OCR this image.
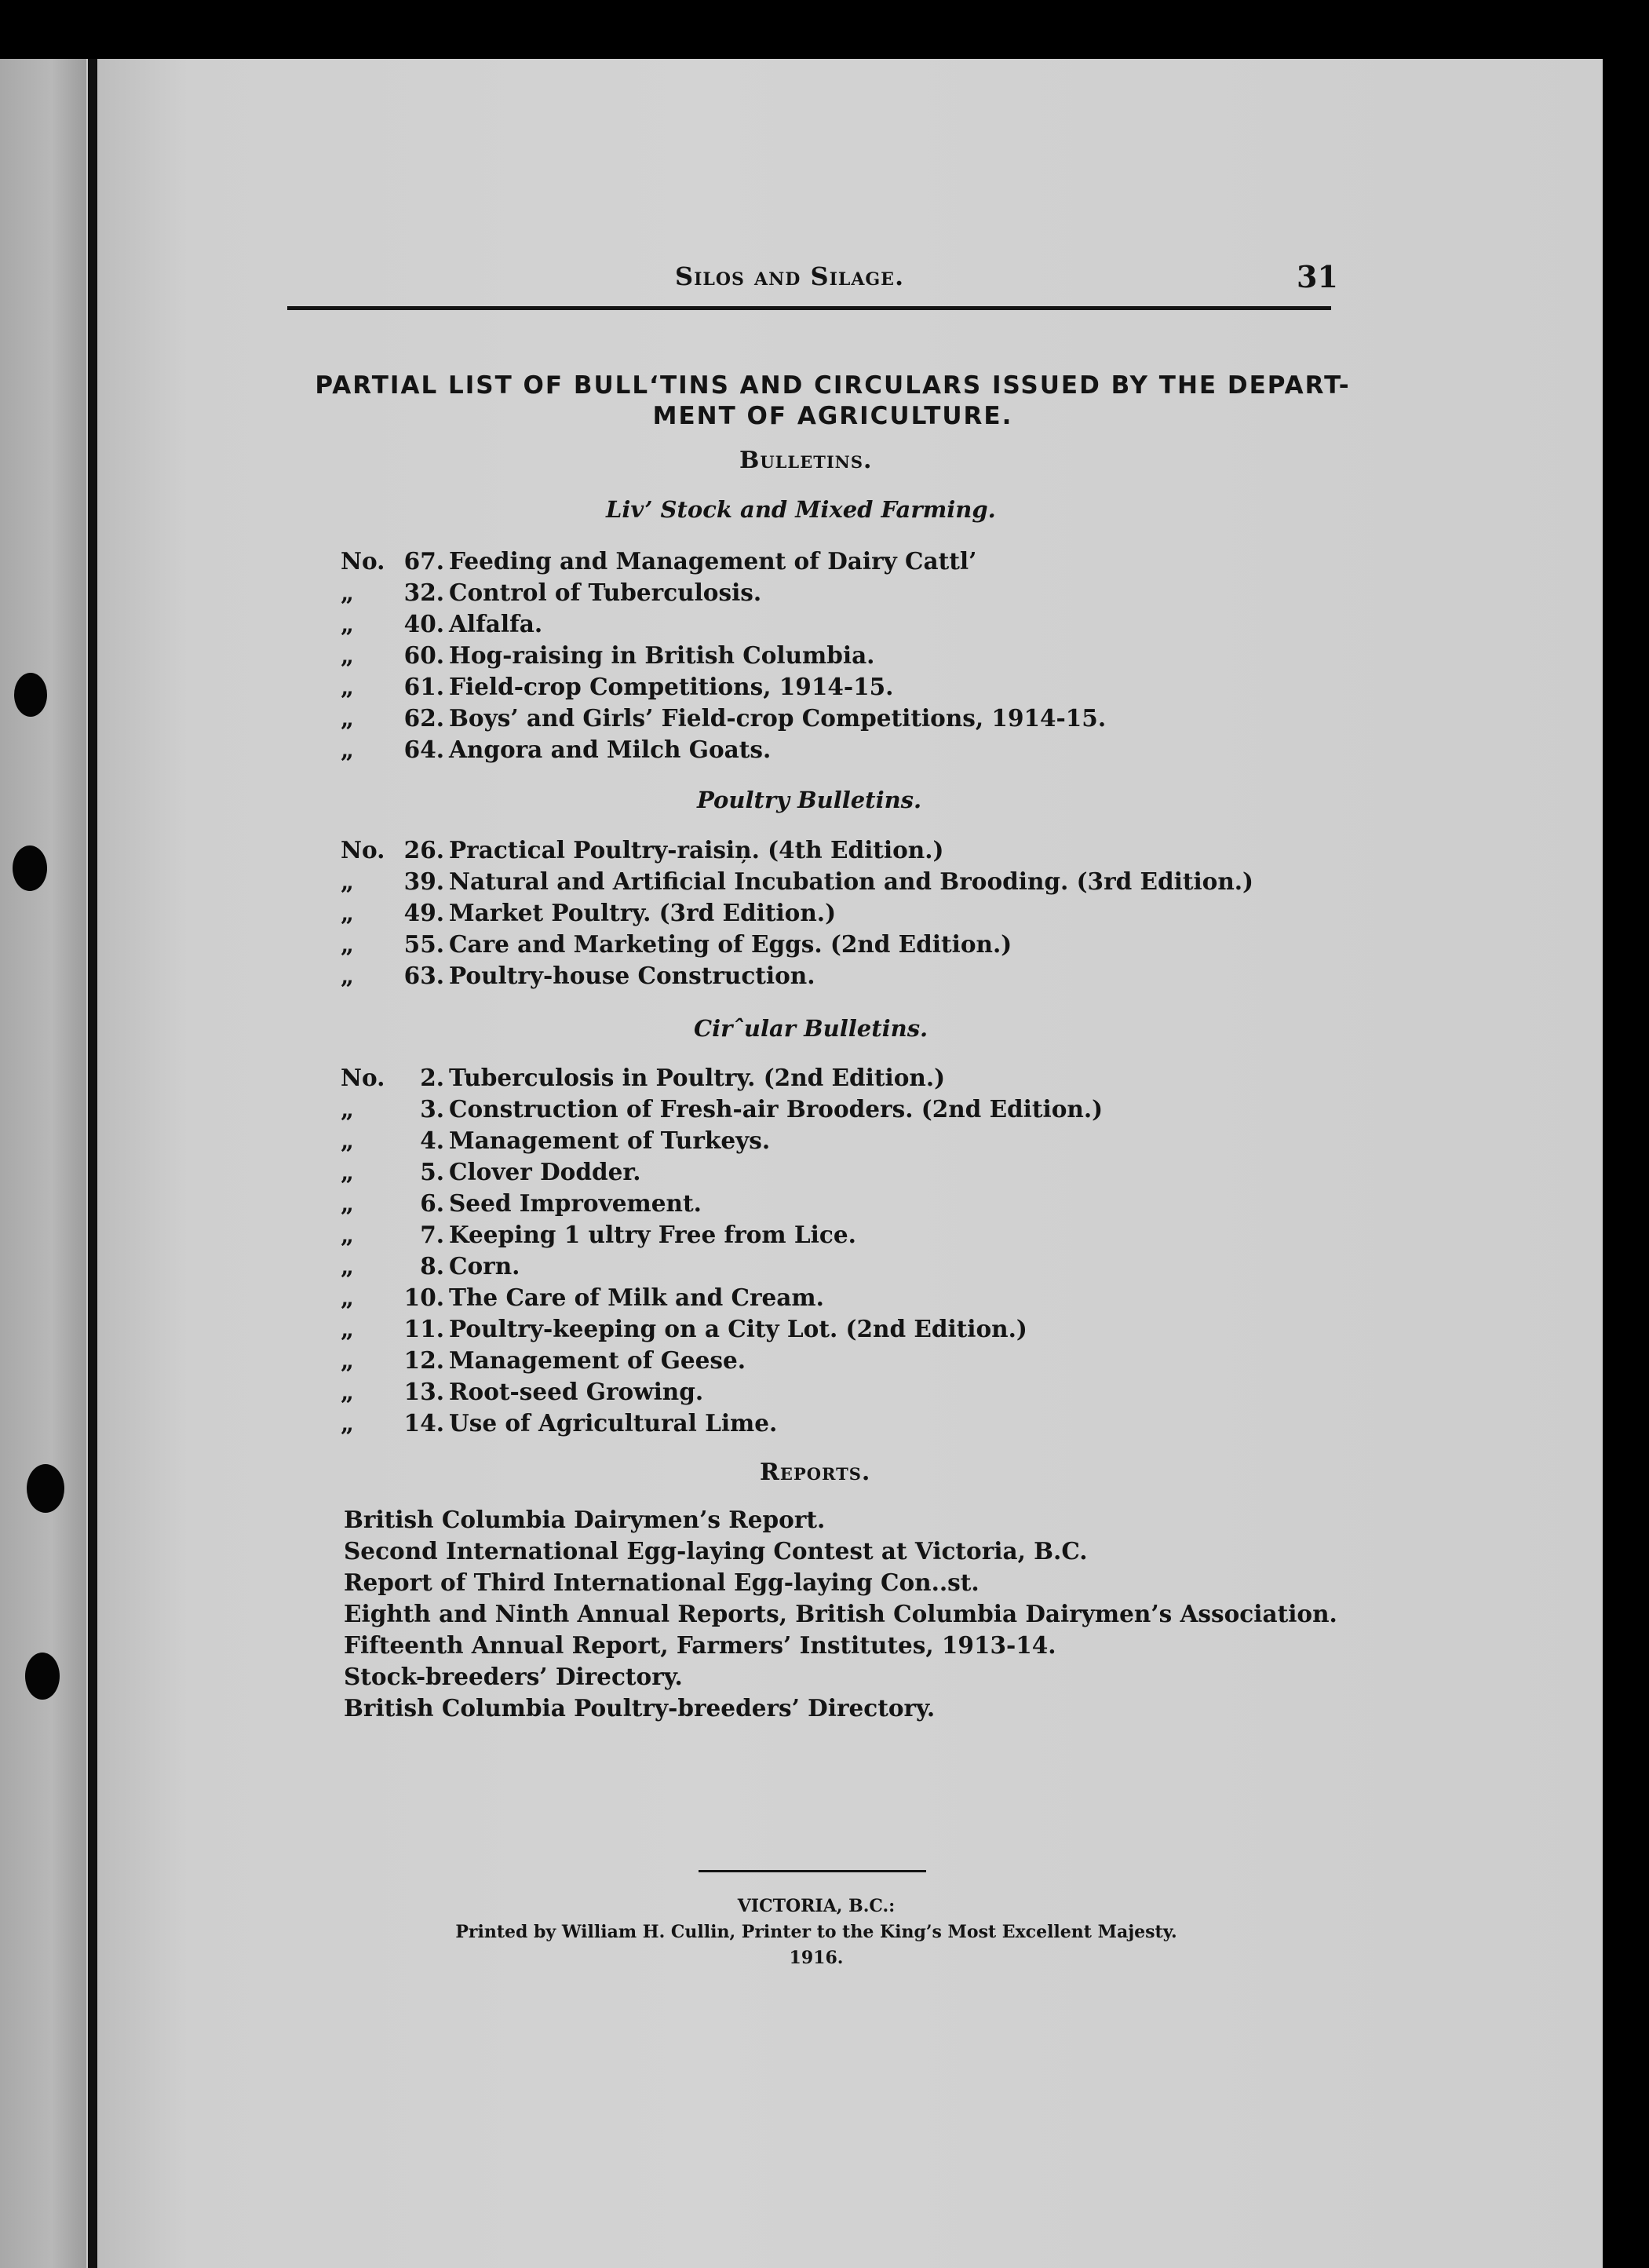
Silos and Silage.	31
PARTIAL LIST OF BULL‘TINS AND CIRCULARS ISSUED BY THE DEPART-
MENT OF AGRICULTURE.
Bulletins.
Liv’ Stock and Mixed Farming.
No. 67. Feeding and Management of Dairy Cattl’
„ 32. Control of Tuberculosis.
„ 40. Alfalfa.
„ 60. Hog-raising in British Columbia.
„ 61. Field-crop Competitions, 1914-15.
„ 62. Boys’ and Girls’ Field-crop Competitions, 1914-15.
„ 64. Angora and Milch Goats.
Poultry Bulletins.
No. 26. Practical Poultry-raisiņ. (4th Edition.)
„ 39. Natural and Artificial Incubation and Brooding. (3rd Edition.)
„ 49. Market Poultry. (3rd Edition.)
„ 55. Care and Marketing of Eggs. (2nd Edition.)
„ 63. Poultry-house Construction.
Cirˆular Bulletins.
No. 2. Tuberculosis in Poultry. (2nd Edition.)
„	3. Construction of Fresh-air Brooders. (2nd Edition.)
„	4. Management of Turkeys.
„	5. Clover Dodder.
„	6. Seed Improvement.
„	7. Keeping 1 ultry Free from Lice.
„	8. Corn.
„ 10. The Care of Milk and Cream.
„ 11. Poultry-keeping on a City Lot. (2nd Edition.)
„ 12. Management of Geese.
„ 13. Root-seed Growing.
„ 14. Use of Agricultural Lime.
Reports.
British Columbia Dairymen’s Report.
Second International Egg-laying Contest at Victoria, B.C.
Report of Third International Egg-laying Con..st.
Eighth and Ninth Annual Reports, British Columbia Dairymen’s Association.
Fifteenth Annual Report, Farmers’ Institutes, 1913-14.
Stock-breeders’ Directory.
British Columbia Poultry-breeders’ Directory.
VICTORIA, B.C.:
Printed by William H. Cullin, Printer to the King’s Most Excellent Majesty.
1916.
